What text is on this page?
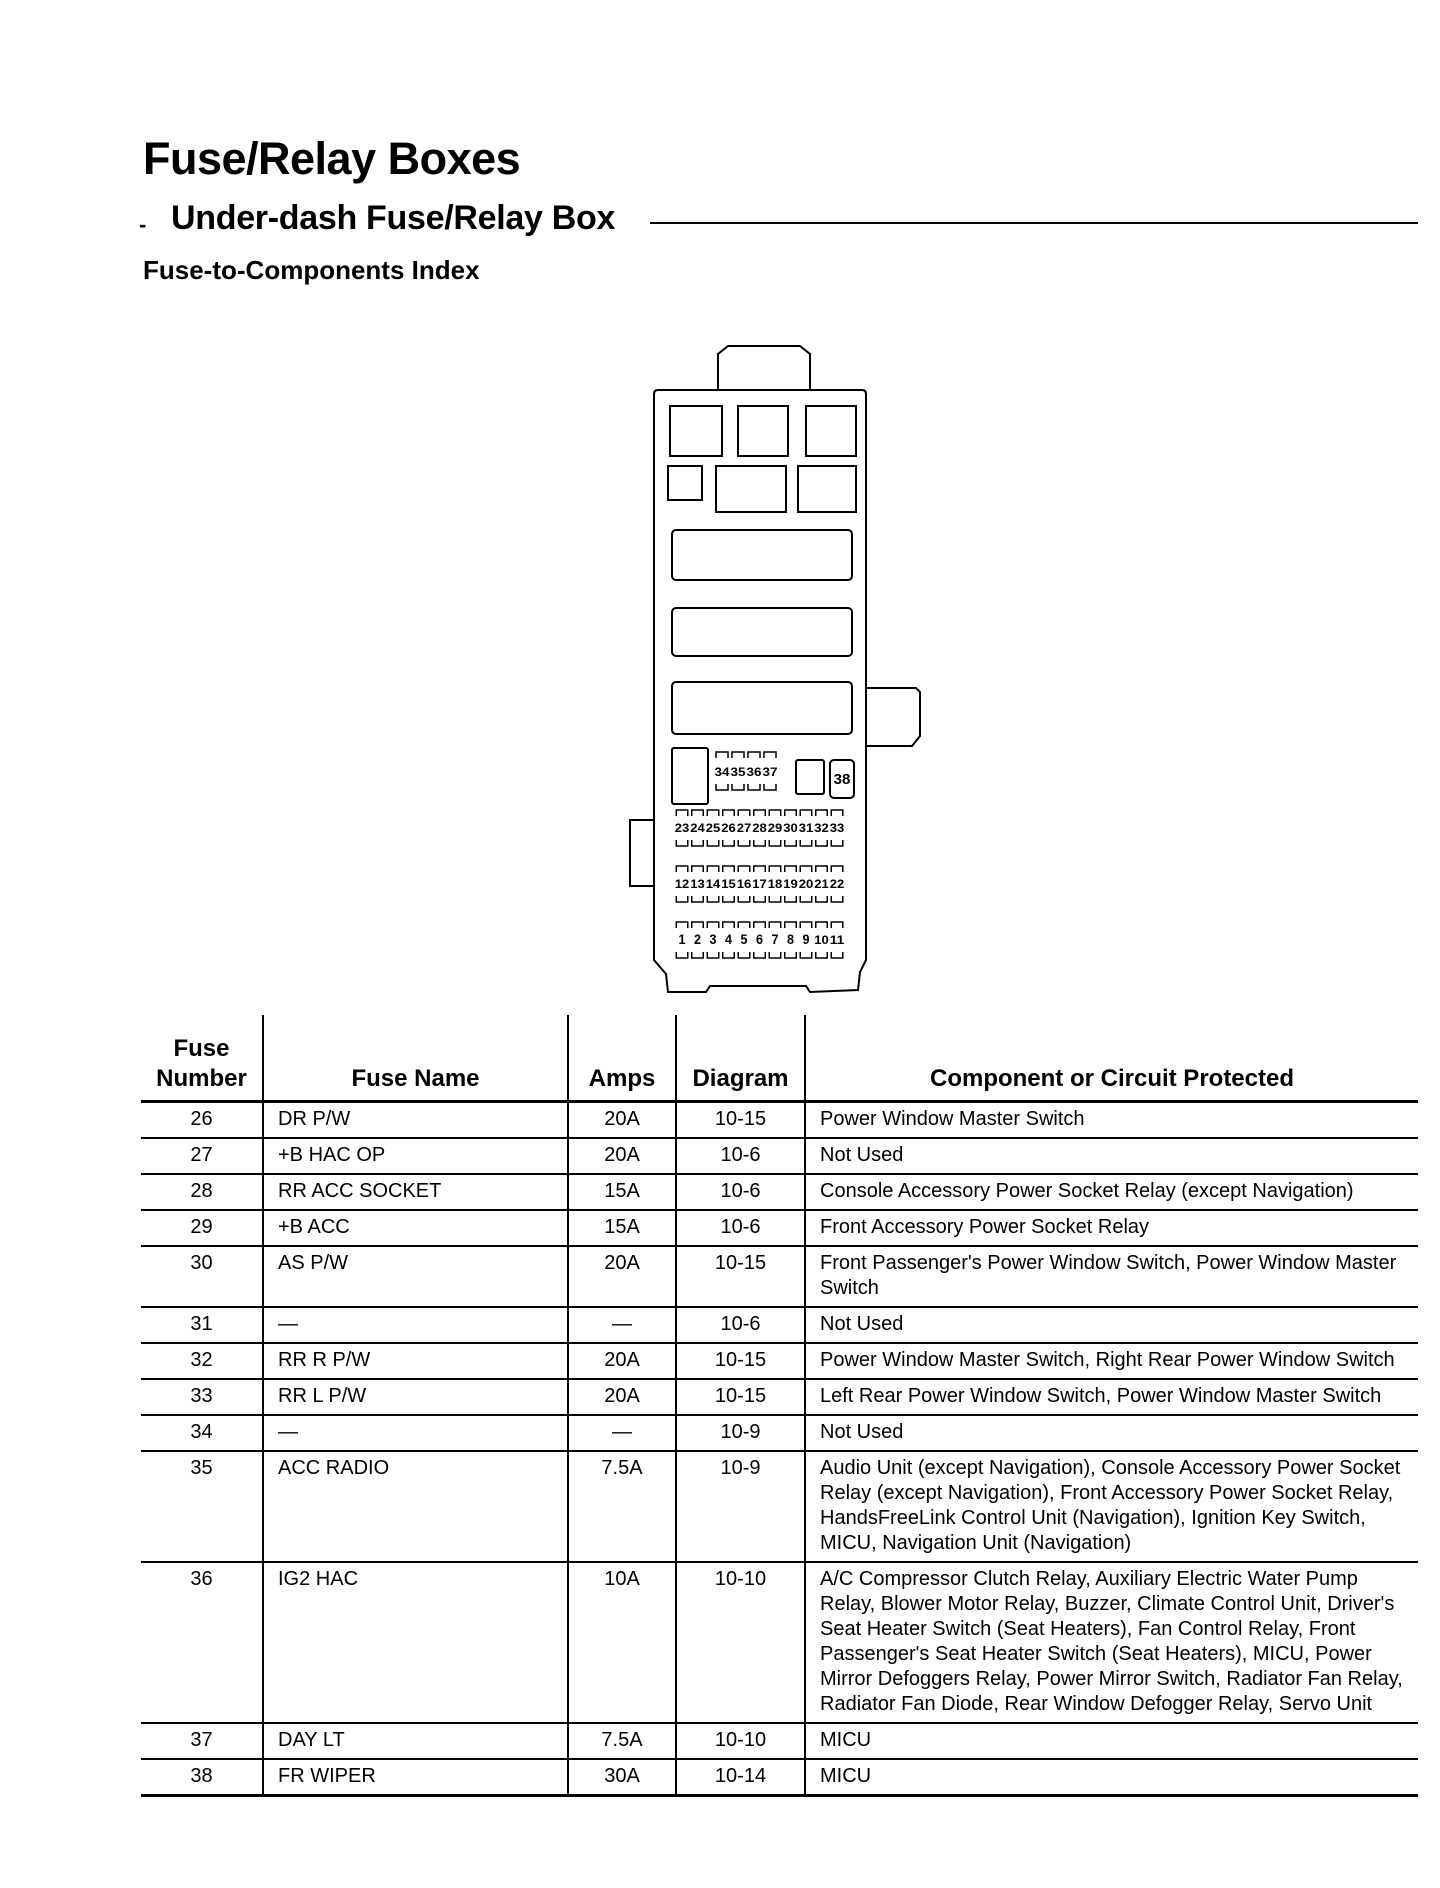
Fuse/Relay Boxes
- Under-dash Fuse/Relay Box
Fuse-to-Components Index
34 35 36 37	38
23 24 25 26 27 28 29 30 31 32 33
12 13 14 15 16 17 18 19 20 21 22
1 2 3 4 5 6 7 8 9 10 11
Fuse Number	Fuse Name	Amps	Diagram	Component or Circuit Protected
26	DR P/W	20A	10-15	Power Window Master Switch
27	+B HAC OP	20A	10-6	Not Used
28	RR ACC SOCKET	15A	10-6	Console Accessory Power Socket Relay (except Navigation)
29	+B ACC	15A	10-6	Front Accessory Power Socket Relay
30	AS P/W	20A	10-15	Front Passenger's Power Window Switch, Power Window Master Switch
31	—	—	10-6	Not Used
32	RR R P/W	20A	10-15	Power Window Master Switch, Right Rear Power Window Switch
33	RR L P/W	20A	10-15	Left Rear Power Window Switch, Power Window Master Switch
34	—	—	10-9	Not Used
35	ACC RADIO	7.5A	10-9	Audio Unit (except Navigation), Console Accessory Power Socket Relay (except Navigation), Front Accessory Power Socket Relay, HandsFreeLink Control Unit (Navigation), Ignition Key Switch, MICU, Navigation Unit (Navigation)
36	IG2 HAC	10A	10-10	A/C Compressor Clutch Relay, Auxiliary Electric Water Pump Relay, Blower Motor Relay, Buzzer, Climate Control Unit, Driver's Seat Heater Switch (Seat Heaters), Fan Control Relay, Front Passenger's Seat Heater Switch (Seat Heaters), MICU, Power Mirror Defoggers Relay, Power Mirror Switch, Radiator Fan Relay, Radiator Fan Diode, Rear Window Defogger Relay, Servo Unit
37	DAY LT	7.5A	10-10	MICU
38	FR WIPER	30A	10-14	MICU
